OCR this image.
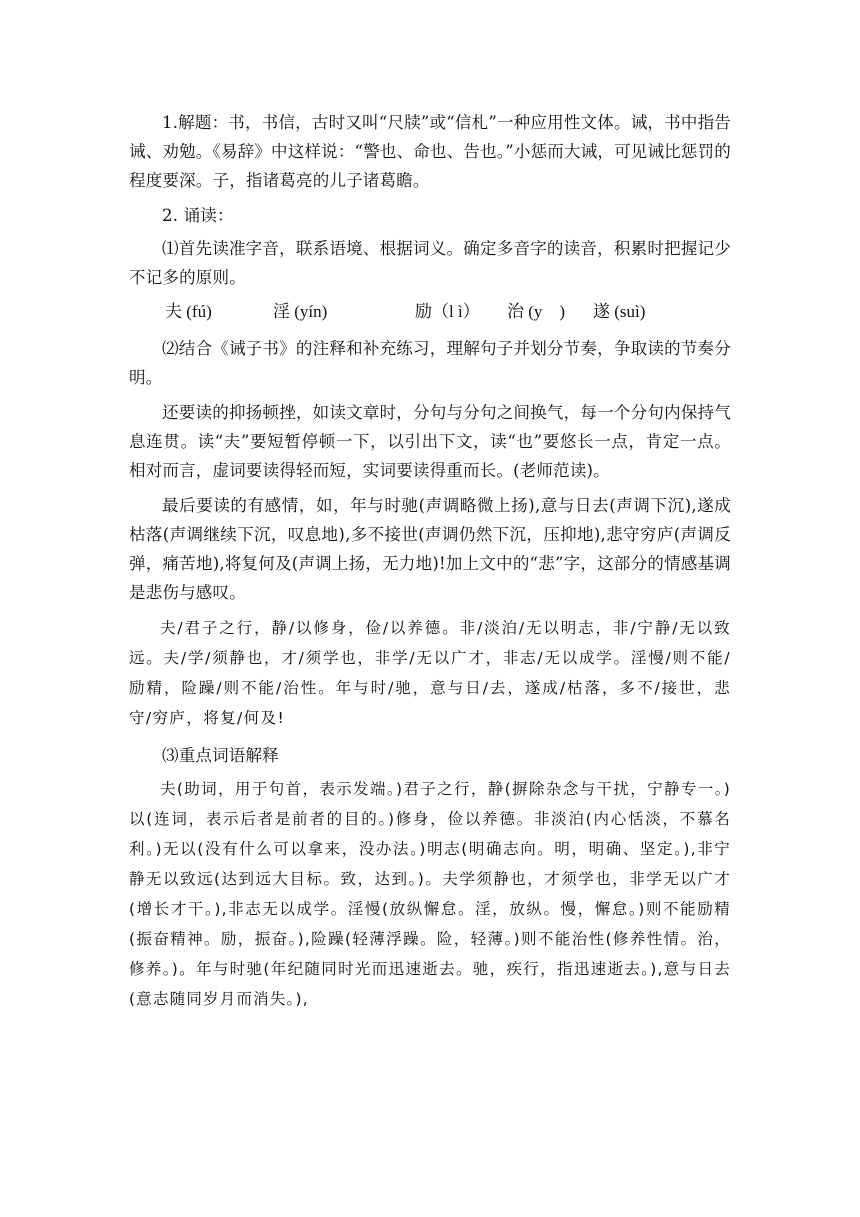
1.解题：书，书信，古时又叫“尺牍”或“信札”一种应用性文体。诫，书中指告诫、劝勉。《易辞》中这样说：“警也、命也、告也。”小惩而大诫，可见诫比惩罚的程度要深。子，指诸葛亮的儿子诸葛瞻。

2. 诵读：

⑴首先读准字音，联系语境、根据词义。确定多音字的读音，积累时把握记少不记多的原则。

夫 (fú)	淫 (yín)	励（l ì） 治 (y　) 遂 (suì)

⑵结合《诫子书》的注释和补充练习，理解句子并划分节奏，争取读的节奏分明。

还要读的抑扬顿挫，如读文章时，分句与分句之间换气，每一个分句内保持气息连贯。读“夫”要短暂停顿一下，以引出下文，读“也”要悠长一点，肯定一点。相对而言，虚词要读得轻而短，实词要读得重而长。(老师范读)。

最后要读的有感情，如，年与时驰(声调略微上扬),意与日去(声调下沉),遂成枯落(声调继续下沉，叹息地),多不接世(声调仍然下沉，压抑地),悲守穷庐(声调反弹，痛苦地),将复何及(声调上扬，无力地)!加上文中的“悲”字，这部分的情感基调是悲伤与感叹。

夫/君子之行，静/以修身，俭/以养德。非/淡泊/无以明志，非/宁静/无以致远。夫/学/须静也，才/须学也，非学/无以广才，非志/无以成学。淫慢/则不能/励精，险躁/则不能/治性。年与时/驰，意与日/去，遂成/枯落，多不/接世，悲守/穷庐，将复/何及!

⑶重点词语解释

夫(助词，用于句首，表示发端。)君子之行，静(摒除杂念与干扰，宁静专一。)以(连词，表示后者是前者的目的。)修身，俭以养德。非淡泊(内心恬淡，不慕名利。)无以(没有什么可以拿来，没办法。)明志(明确志向。明，明确、坚定。),非宁静无以致远(达到远大目标。致，达到。)。夫学须静也，才须学也，非学无以广才(增长才干。),非志无以成学。淫慢(放纵懈怠。淫，放纵。慢，懈怠。)则不能励精(振奋精神。励，振奋。),险躁(轻薄浮躁。险，轻薄。)则不能治性(修养性情。治，修养。)。年与时驰(年纪随同时光而迅速逝去。驰，疾行，指迅速逝去。),意与日去(意志随同岁月而消失。),
